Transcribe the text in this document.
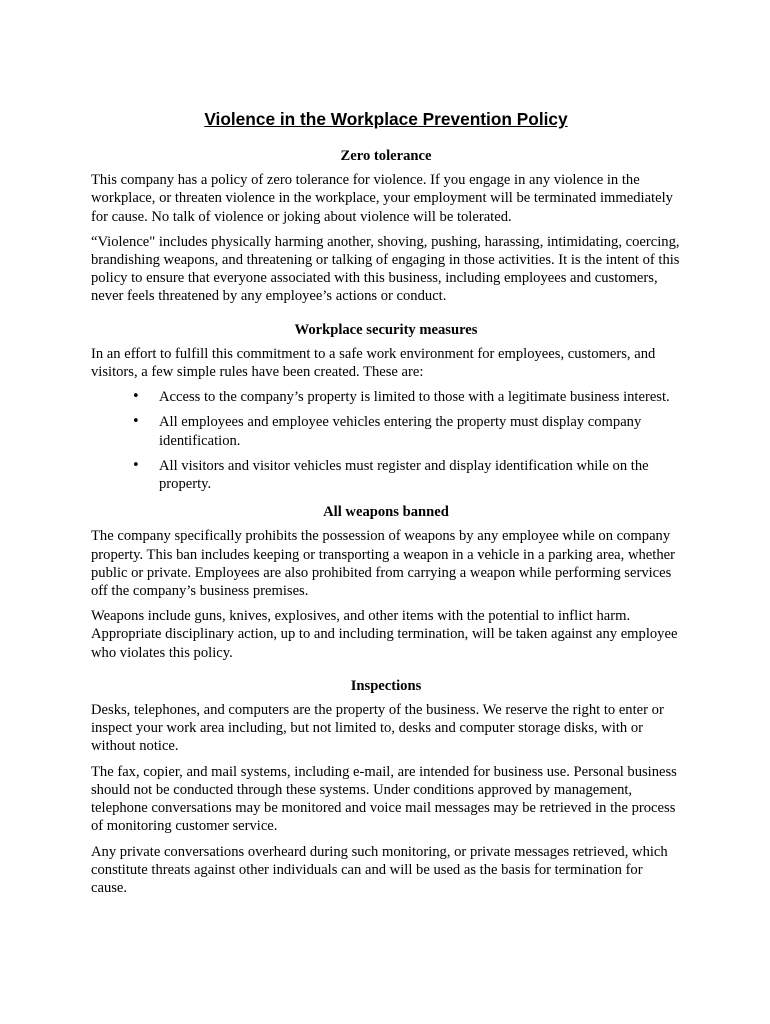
Violence in the Workplace Prevention Policy
Zero tolerance

This company has a policy of zero tolerance for violence. If you engage in any violence in the workplace, or threaten violence in the workplace, your employment will be terminated immediately for cause. No talk of violence or joking about violence will be tolerated.

“Violence" includes physically harming another, shoving, pushing, harassing, intimidating, coercing, brandishing weapons, and threatening or talking of engaging in those activities. It is the intent of this policy to ensure that everyone associated with this business, including employees and customers, never feels threatened by any employee’s actions or conduct.

Workplace security measures

In an effort to fulfill this commitment to a safe work environment for employees, customers, and visitors, a few simple rules have been created. These are:

• Access to the company’s property is limited to those with a legitimate business interest.
• All employees and employee vehicles entering the property must display company identification.
• All visitors and visitor vehicles must register and display identification while on the property.
All weapons banned

The company specifically prohibits the possession of weapons by any employee while on company property. This ban includes keeping or transporting a weapon in a vehicle in a parking area, whether public or private. Employees are also prohibited from carrying a weapon while performing services off the company’s business premises.

Weapons include guns, knives, explosives, and other items with the potential to inflict harm. Appropriate disciplinary action, up to and including termination, will be taken against any employee who violates this policy.

Inspections

Desks, telephones, and computers are the property of the business. We reserve the right to enter or inspect your work area including, but not limited to, desks and computer storage disks, with or without notice.

The fax, copier, and mail systems, including e-mail, are intended for business use. Personal business should not be conducted through these systems. Under conditions approved by management, telephone conversations may be monitored and voice mail messages may be retrieved in the process of monitoring customer service.

Any private conversations overheard during such monitoring, or private messages retrieved, which constitute threats against other individuals can and will be used as the basis for termination for cause.
